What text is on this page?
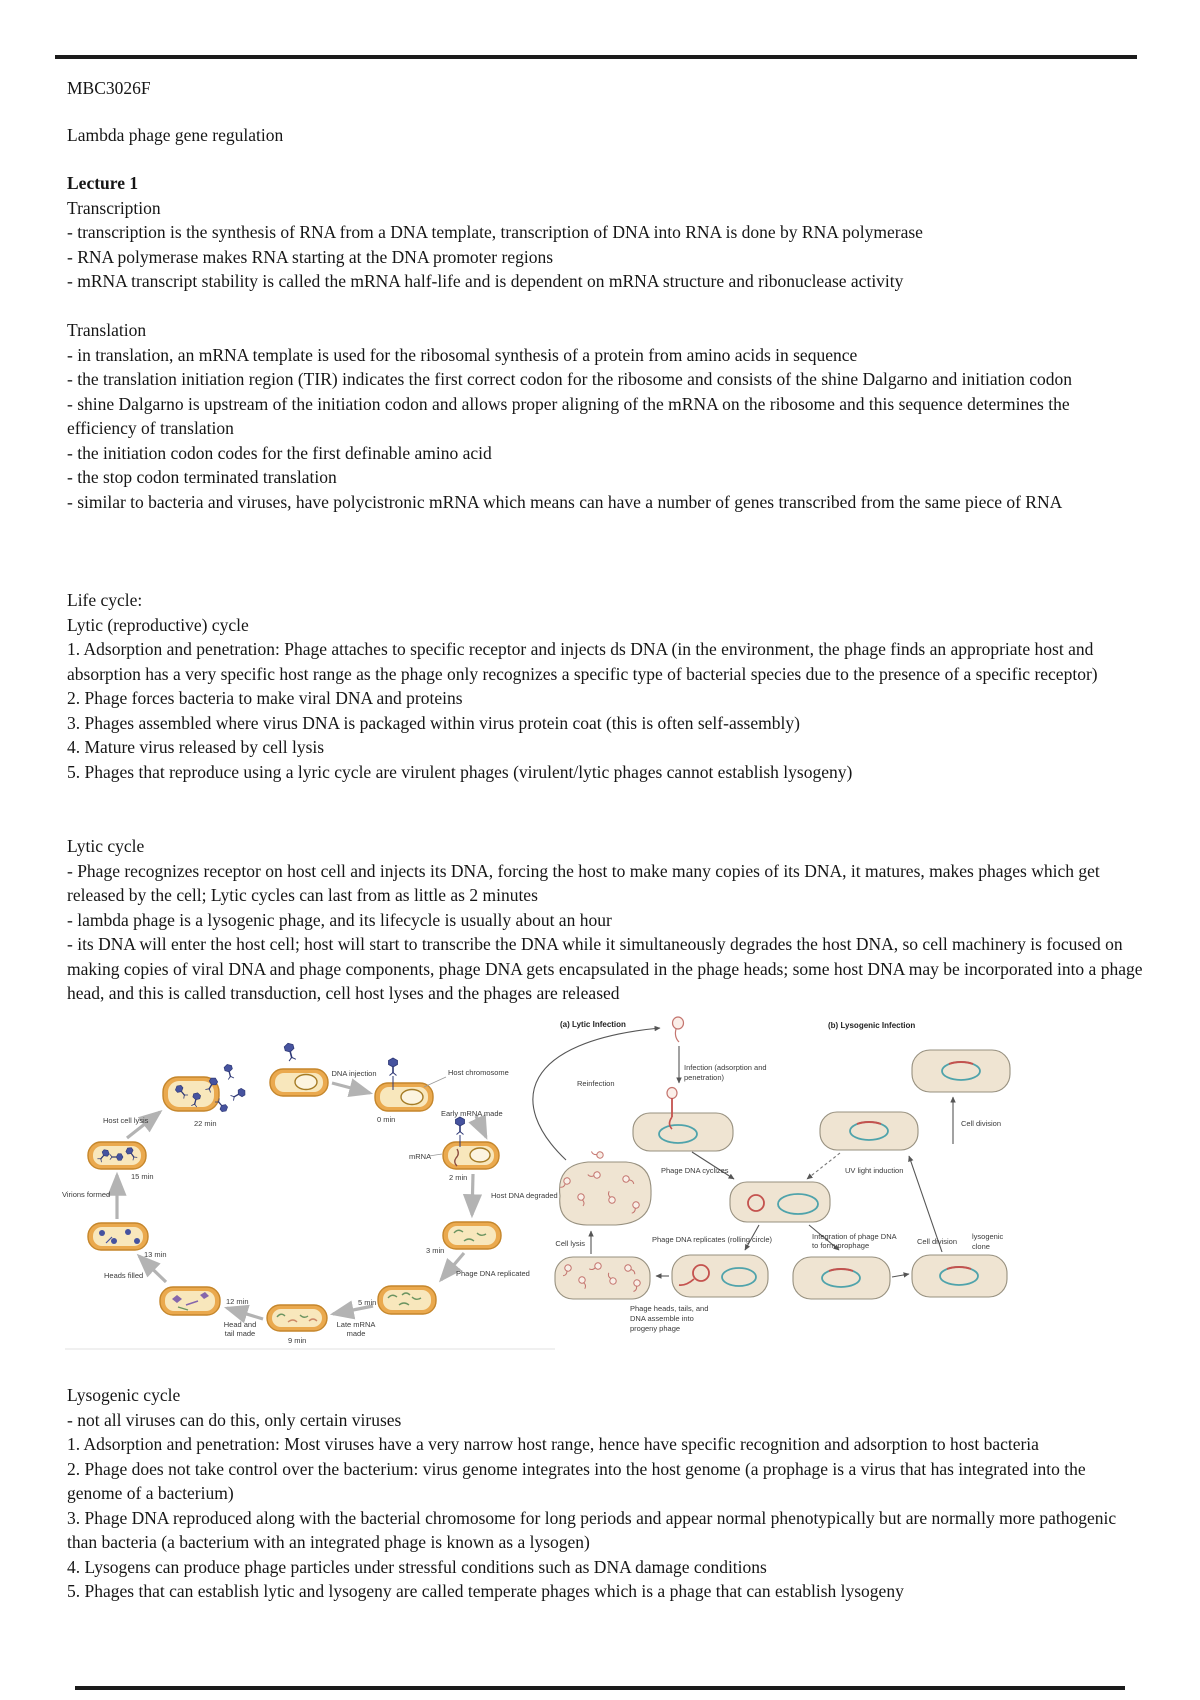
MBC3026F

Lambda phage gene regulation

Lecture 1

Transcription

- transcription is the synthesis of RNA from a DNA template, transcription of DNA into RNA is done by RNA polymerase

- RNA polymerase makes RNA starting at the DNA promoter regions

- mRNA transcript stability is called the mRNA half-life and is dependent on mRNA structure and ribonuclease activity

Translation

- in translation, an mRNA template is used for the ribosomal synthesis of a protein from amino acids in sequence

- the translation initiation region (TIR) indicates the first correct codon for the ribosome and consists of the shine Dalgarno and initiation codon

- shine Dalgarno is upstream of the initiation codon and allows proper aligning of the mRNA on the ribosome and this sequence determines the efficiency of translation

- the initiation codon codes for the first definable amino acid

- the stop codon terminated translation

- similar to bacteria and viruses, have polycistronic mRNA which means can have a number of genes transcribed from the same piece of RNA

Life cycle:

Lytic (reproductive) cycle

1. Adsorption and penetration: Phage attaches to specific receptor and injects ds DNA (in the environment, the phage finds an appropriate host and absorption has a very specific host range as the phage only recognizes a specific type of bacterial species due to the presence of a specific receptor)

2. Phage forces bacteria to make viral DNA and proteins

3. Phages assembled where virus DNA is packaged within virus protein coat (this is often self-assembly)

4. Mature virus released by cell lysis

5. Phages that reproduce using a lyric cycle are virulent phages (virulent/lytic phages cannot establish lysogeny)

Lytic cycle

- Phage recognizes receptor on host cell and injects its DNA, forcing the host to make many copies of its DNA, it matures, makes phages which get released by the cell; Lytic cycles can last from as little as 2 minutes

- lambda phage is a lysogenic phage, and its lifecycle is usually about an hour

- its DNA will enter the host cell; host will start to transcribe the DNA while it simultaneously degrades the host DNA, so cell machinery is focused on making copies of viral DNA and phage components, phage DNA gets encapsulated in the phage heads; some host DNA may be incorporated into a phage head, and this is called transduction, cell host lyses and the phages are released

DNA injection	Host chromosome
0 min
Early mRNA made
mRNA
2 min
Host DNA degraded
3 min
Phage DNA replicated
5 min
Late mRNA
made
9 min
Head and
tail made
12 min
Heads filled
13 min
15 min
Virions formed
Host cell lysis	22 min
(a) Lytic Infection	(b) Lysogenic Infection
Reinfection
Infection (adsorption and
penetration)
Phage DNA cyclizes	UV light induction
Phage DNA replicates (rolling circle)	Integration of phage DNA
to form prophage
Cell lysis
Phage heads, tails, and
DNA assemble into
progeny phage
Cell division
Cell division
lysogenic
clone

Lysogenic cycle

- not all viruses can do this, only certain viruses

1. Adsorption and penetration: Most viruses have a very narrow host range, hence have specific recognition and adsorption to host bacteria

2. Phage does not take control over the bacterium: virus genome integrates into the host genome (a prophage is a virus that has integrated into the genome of a bacterium)

3. Phage DNA reproduced along with the bacterial chromosome for long periods and appear normal phenotypically but are normally more pathogenic than bacteria (a bacterium with an integrated phage is known as a lysogen)

4. Lysogens can produce phage particles under stressful conditions such as DNA damage conditions

5. Phages that can establish lytic and lysogeny are called temperate phages which is a phage that can establish lysogeny
